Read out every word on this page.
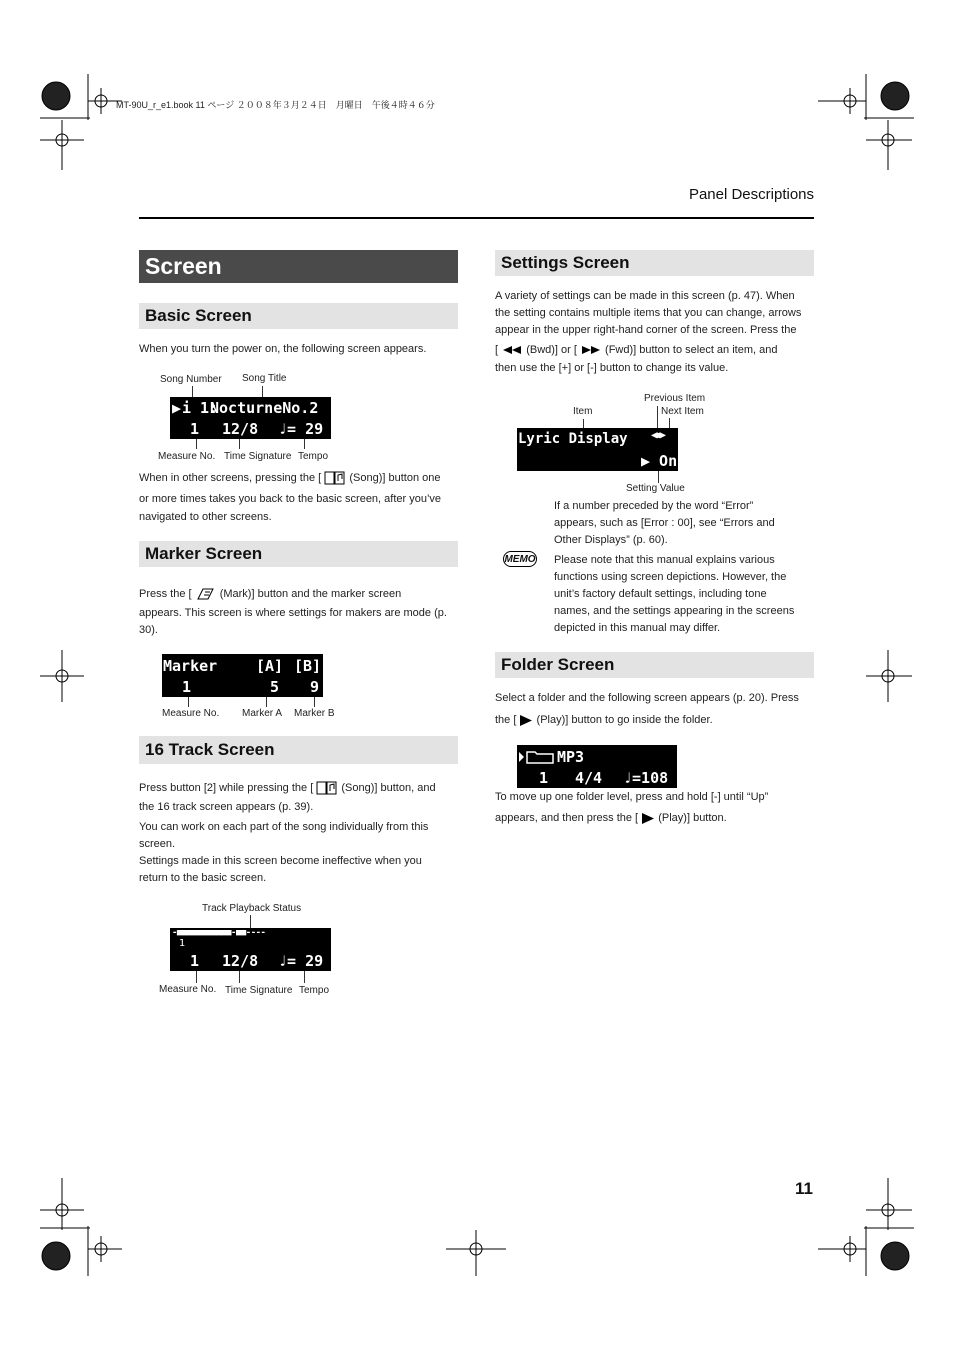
MT-90U_r_e1.book 11 ページ ２００８年３月２４日　月曜日　午後４時４６分
Panel Descriptions
Screen
Basic Screen
When you turn the power on, the following screen appears.
Song Number Song Title
▶ i 1:
NocturneNo.2
1 12/8 ♩= 29
Measure No. Time Signature Tempo
When in other screens, pressing the [	(Song)] button one
or more times takes you back to the basic screen, after you’ve
navigated to other screens.
Marker Screen
Press the [	(Mark)] button and the marker screen
appears. This screen is where settings for makers are mode (p.
30).
Marker	[A] [B]
1	5 9
Measure No. Marker A Marker B
16 Track Screen
Press button [2] while pressing the [	(Song)] button, and
the 16 track screen appears (p. 39).
You can work on each part of the song individually from this
screen.
Settings made in this screen become ineffective when you
return to the basic screen.
Track Playback Status
-■■■■■■■■■■■-■■----
1
1 12/8 ♩= 29
Measure No. Time Signature Tempo
Settings Screen
A variety of settings can be made in this screen (p. 47). When
the setting contains multiple items that you can change, arrows
appear in the upper right-hand corner of the screen. Press the
[	(Bwd)] or [	(Fwd)] button to select an item, and
then use the [+] or [-] button to change its value.
Previous Item
Item	Next Item
Lyric Display ◀◀▶▶
▶ On
Setting Value
If a number preceded by the word “Error”
appears, such as [Error : 00], see “Errors and
Other Displays” (p. 60).
MEMO Please note that this manual explains various
functions using screen depictions. However, the
unit’s factory default settings, including tone
names, and the settings appearing in the screens
depicted in this manual may differ.
Folder Screen
Select a folder and the following screen appears (p. 20). Press
the [ (Play)] button to go inside the folder.
MP3
1 4/4 ♩=108
To move up one folder level, press and hold [-] until “Up”
appears, and then press the [ (Play)] button.
11
